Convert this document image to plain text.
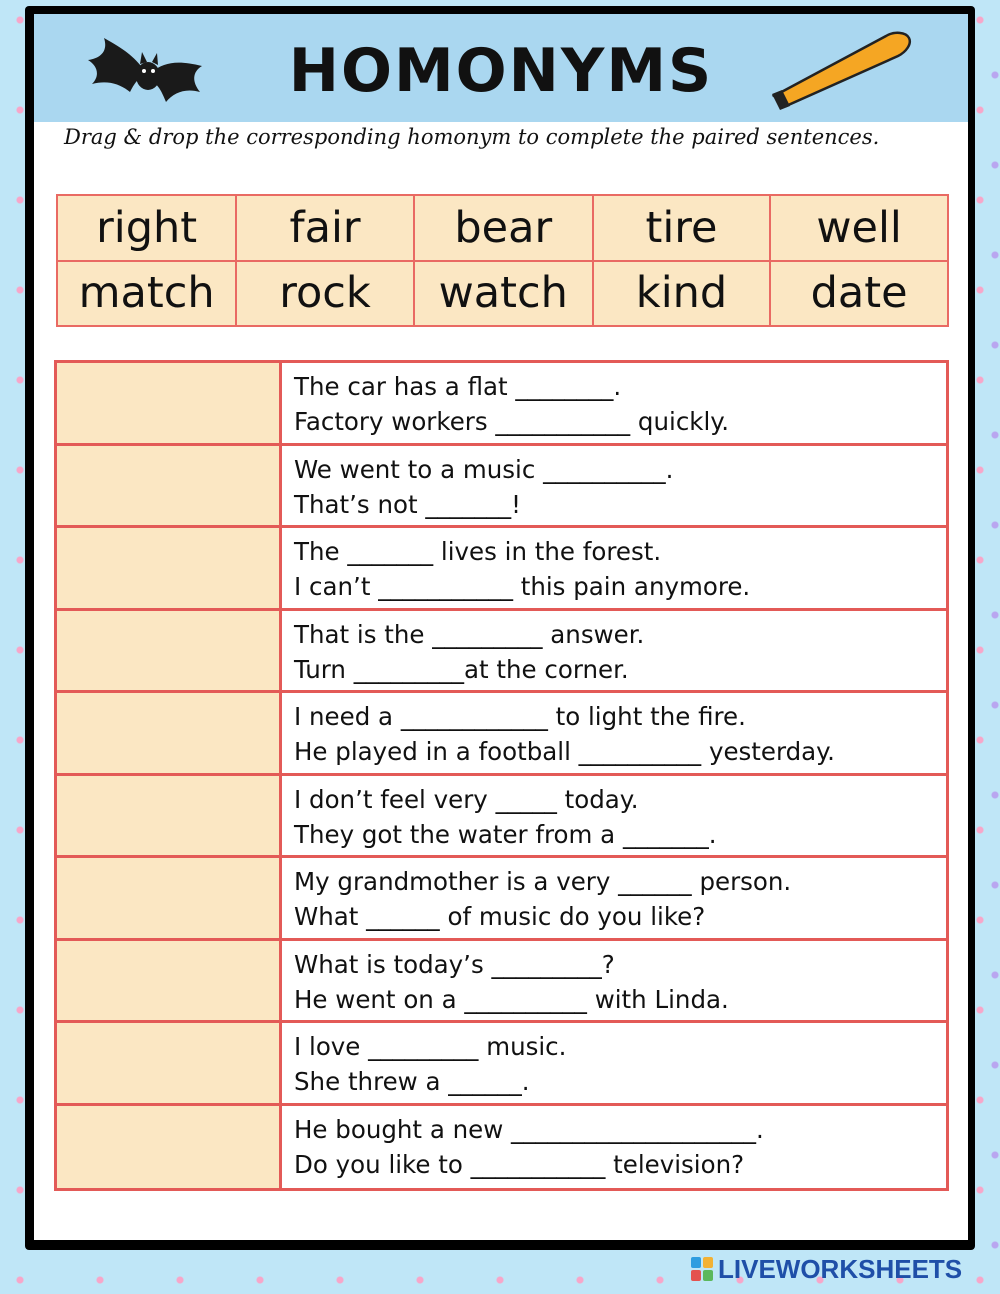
HOMONYMS
Drag & drop the corresponding homonym to complete the paired sentences.
right	fair	bear	tire	well
match	rock	watch	kind	date
The car has a flat ________.
Factory workers ___________ quickly.
We went to a music __________.
That’s not _______!
The _______ lives in the forest.
I can’t ___________ this pain anymore.
That is the _________ answer.
Turn _________at the corner.
I need a ____________ to light the fire.
He played in a football __________ yesterday.
I don’t feel very _____ today.
They got the water from a _______.
My grandmother is a very ______ person.
What ______ of music do you like?
What is today’s _________?
He went on a __________ with Linda.
I love _________ music.
She threw a ______.
He bought a new ____________________.
Do you like to ___________ television?
LIVEWORKSHEETS
